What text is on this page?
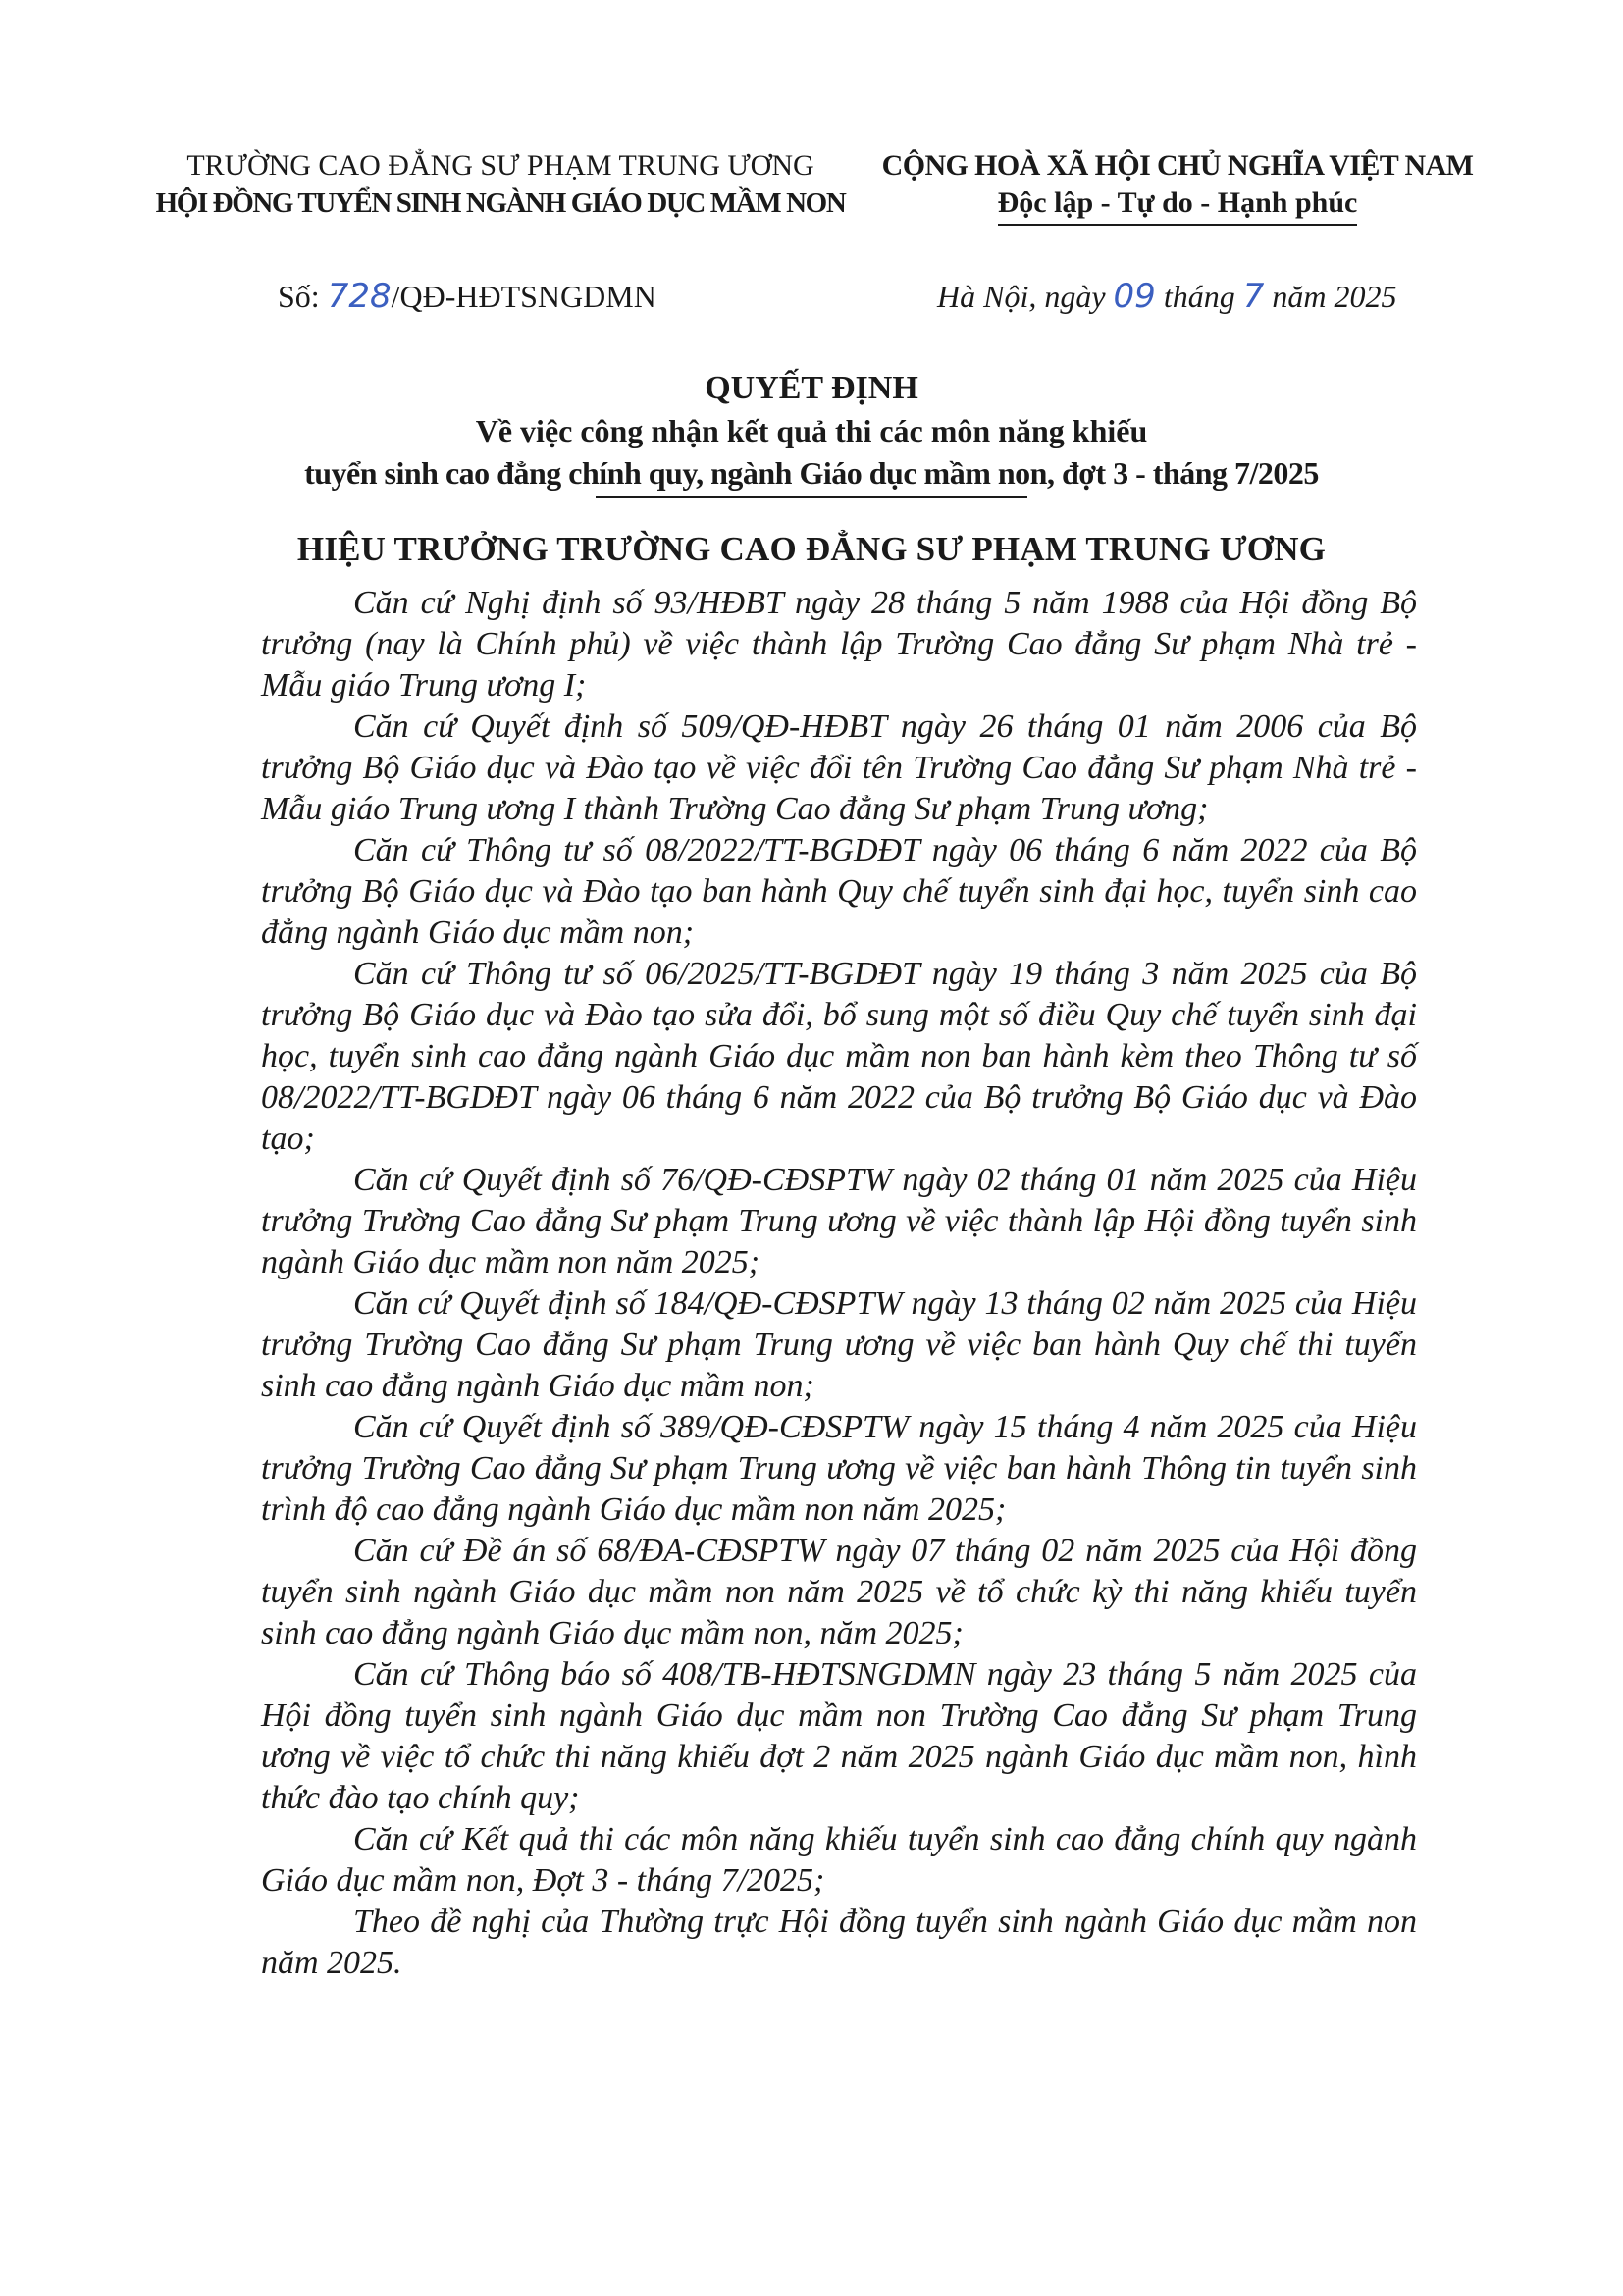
TRƯỜNG CAO ĐẲNG SƯ PHẠM TRUNG ƯƠNG
HỘI ĐỒNG TUYỂN SINH NGÀNH GIÁO DỤC MẦM NON
CỘNG HOÀ XÃ HỘI CHỦ NGHĨA VIỆT NAM
Độc lập - Tự do - Hạnh phúc
Số: 728/QĐ-HĐTSNGDMN	Hà Nội, ngày 09 tháng 7 năm 2025
QUYẾT ĐỊNH
Về việc công nhận kết quả thi các môn năng khiếu
tuyển sinh cao đẳng chính quy, ngành Giáo dục mầm non, đợt 3 - tháng 7/2025
HIỆU TRƯỞNG TRƯỜNG CAO ĐẲNG SƯ PHẠM TRUNG ƯƠNG

Căn cứ Nghị định số 93/HĐBT ngày 28 tháng 5 năm 1988 của Hội đồng Bộ trưởng (nay là Chính phủ) về việc thành lập Trường Cao đẳng Sư phạm Nhà trẻ - Mẫu giáo Trung ương I;

Căn cứ Quyết định số 509/QĐ-HĐBT ngày 26 tháng 01 năm 2006 của Bộ trưởng Bộ Giáo dục và Đào tạo về việc đổi tên Trường Cao đẳng Sư phạm Nhà trẻ - Mẫu giáo Trung ương I thành Trường Cao đẳng Sư phạm Trung ương;

Căn cứ Thông tư số 08/2022/TT-BGDĐT ngày 06 tháng 6 năm 2022 của Bộ trưởng Bộ Giáo dục và Đào tạo ban hành Quy chế tuyển sinh đại học, tuyển sinh cao đẳng ngành Giáo dục mầm non;

Căn cứ Thông tư số 06/2025/TT-BGDĐT ngày 19 tháng 3 năm 2025 của Bộ trưởng Bộ Giáo dục và Đào tạo sửa đổi, bổ sung một số điều Quy chế tuyển sinh đại học, tuyển sinh cao đẳng ngành Giáo dục mầm non ban hành kèm theo Thông tư số 08/2022/TT-BGDĐT ngày 06 tháng 6 năm 2022 của Bộ trưởng Bộ Giáo dục và Đào tạo;

Căn cứ Quyết định số 76/QĐ-CĐSPTW ngày 02 tháng 01 năm 2025 của Hiệu trưởng Trường Cao đẳng Sư phạm Trung ương về việc thành lập Hội đồng tuyển sinh ngành Giáo dục mầm non năm 2025;

Căn cứ Quyết định số 184/QĐ-CĐSPTW ngày 13 tháng 02 năm 2025 của Hiệu trưởng Trường Cao đẳng Sư phạm Trung ương về việc ban hành Quy chế thi tuyển sinh cao đẳng ngành Giáo dục mầm non;

Căn cứ Quyết định số 389/QĐ-CĐSPTW ngày 15 tháng 4 năm 2025 của Hiệu trưởng Trường Cao đẳng Sư phạm Trung ương về việc ban hành Thông tin tuyển sinh trình độ cao đẳng ngành Giáo dục mầm non năm 2025;

Căn cứ Đề án số 68/ĐA-CĐSPTW ngày 07 tháng 02 năm 2025 của Hội đồng tuyển sinh ngành Giáo dục mầm non năm 2025 về tổ chức kỳ thi năng khiếu tuyển sinh cao đẳng ngành Giáo dục mầm non, năm 2025;

Căn cứ Thông báo số 408/TB-HĐTSNGDMN ngày 23 tháng 5 năm 2025 của Hội đồng tuyển sinh ngành Giáo dục mầm non Trường Cao đẳng Sư phạm Trung ương về việc tổ chức thi năng khiếu đợt 2 năm 2025 ngành Giáo dục mầm non, hình thức đào tạo chính quy;

Căn cứ Kết quả thi các môn năng khiếu tuyển sinh cao đẳng chính quy ngành Giáo dục mầm non, Đợt 3 - tháng 7/2025;

Theo đề nghị của Thường trực Hội đồng tuyển sinh ngành Giáo dục mầm non năm 2025.
